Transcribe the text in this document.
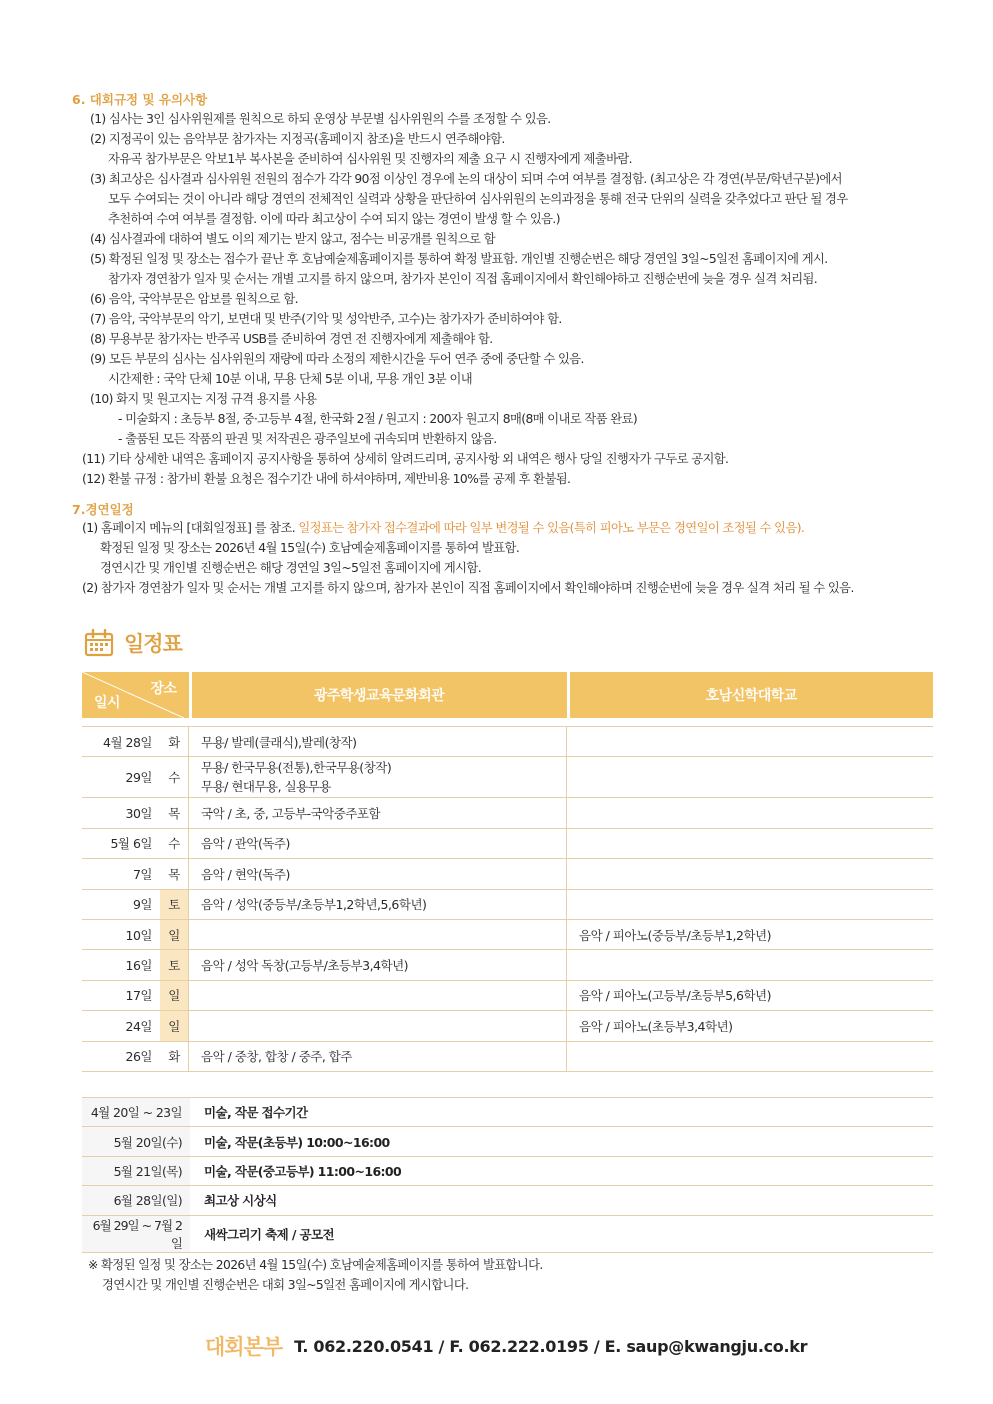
6. 대회규정 및 유의사항
(1) 심사는 3인 심사위원제를 원칙으로 하되 운영상 부문별 심사위원의 수를 조정할 수 있음.
(2) 지정곡이 있는 음악부문 참가자는 지정곡(홈페이지 참조)을 반드시 연주해야함.
자유곡 참가부문은 악보1부 복사본을 준비하여 심사위원 및 진행자의 제출 요구 시 진행자에게 제출바람.
(3) 최고상은 심사결과 심사위원 전원의 점수가 각각 90점 이상인 경우에 논의 대상이 되며 수여 여부를 결정함. (최고상은 각 경연(부문/학년구분)에서
모두 수여되는 것이 아니라 해당 경연의 전체적인 실력과 상황을 판단하여 심사위원의 논의과정을 통해 전국 단위의 실력을 갖추었다고 판단 될 경우
추천하여 수여 여부를 결정함. 이에 따라 최고상이 수여 되지 않는 경연이 발생 할 수 있음.)
(4) 심사결과에 대하여 별도 이의 제기는 받지 않고, 점수는 비공개를 원칙으로 함
(5) 확정된 일정 및 장소는 접수가 끝난 후 호남예술제홈페이지를 통하여 확정 발표함. 개인별 진행순번은 해당 경연일 3일~5일전 홈페이지에 게시.
참가자 경연참가 일자 및 순서는 개별 고지를 하지 않으며, 참가자 본인이 직접 홈페이지에서 확인해야하고 진행순번에 늦을 경우 실격 처리됨.
(6) 음악, 국악부문은 암보를 원칙으로 함.
(7) 음악, 국악부문의 악기, 보면대 및 반주(기악 및 성악반주, 고수)는 참가자가 준비하여야 함.
(8) 무용부문 참가자는 반주곡 USB를 준비하여 경연 전 진행자에게 제출해야 함.
(9) 모든 부문의 심사는 심사위원의 재량에 따라 소정의 제한시간을 두어 연주 중에 중단할 수 있음.
시간제한 : 국악 단체 10분 이내, 무용 단체 5분 이내, 무용 개인 3분 이내
(10) 화지 및 원고지는 지정 규격 용지를 사용
- 미술화지 : 초등부 8절, 중·고등부 4절, 한국화 2절 / 원고지 : 200자 원고지 8매(8매 이내로 작품 완료)
- 출품된 모든 작품의 판권 및 저작권은 광주일보에 귀속되며 반환하지 않음.
(11) 기타 상세한 내역은 홈페이지 공지사항을 통하여 상세히 알려드리며, 공지사항 외 내역은 행사 당일 진행자가 구두로 공지함.
(12) 환불 규정 : 참가비 환불 요청은 접수기간 내에 하셔야하며, 제반비용 10%를 공제 후 환불됨.
7.경연일정
(1) 홈페이지 메뉴의 [대회일정표] 를 참조. 일정표는 참가자 접수결과에 따라 일부 변경될 수 있음(특히 피아노 부문은 경연일이 조정될 수 있음).
확정된 일정 및 장소는 2026년 4월 15일(수) 호남예술제홈페이지를 통하여 발표함.
경연시간 및 개인별 진행순번은 해당 경연일 3일~5일전 홈페이지에 게시함.
(2) 참가자 경연참가 일자 및 순서는 개별 고지를 하지 않으며, 참가자 본인이 직접 홈페이지에서 확인해야하며 진행순번에 늦을 경우 실격 처리 될 수 있음.
일정표
장소
일시			광주학생교육문화회관		호남신학대학교

4월 28일	화	무용/ 발레(클래식),발레(창작)			
29일	수	무용/ 한국무용(전통),한국무용(창작)
무용/ 현대무용, 실용무용			

30일	목	국악 / 초, 중, 고등부-국악중주포함			
5월 6일	수	음악 / 관악(독주)			
7일	목	음악 / 현악(독주)			
9일	토	음악 / 성악(중등부/초등부1,2학년,5,6학년)			
10일	일			음악 / 피아노(중등부/초등부1,2학년)	
16일	토	음악 / 성악 독창(고등부/초등부3,4학년)			
17일	일			음악 / 피아노(고등부/초등부5,6학년)	
24일	일			음악 / 피아노(초등부3,4학년)	
26일	화	음악 / 중창, 합창 / 중주, 합주			
4월 20일 ~ 23일	미술, 작문 접수기간
5월 20일(수)	미술, 작문(초등부) 10:00~16:00
5월 21일(목)	미술, 작문(중고등부) 11:00~16:00
6월 28일(일)	최고상 시상식
6월 29일 ~ 7월 2일	새싹그리기 축제 / 공모전
※ 확정된 일정 및 장소는 2026년 4월 15일(수) 호남예술제홈페이지를 통하여 발표합니다.
경연시간 및 개인별 진행순번은 대회 3일~5일전 홈페이지에 게시합니다.
대회본부 T. 062.220.0541 / F. 062.222.0195 / E. saup@kwangju.co.kr
